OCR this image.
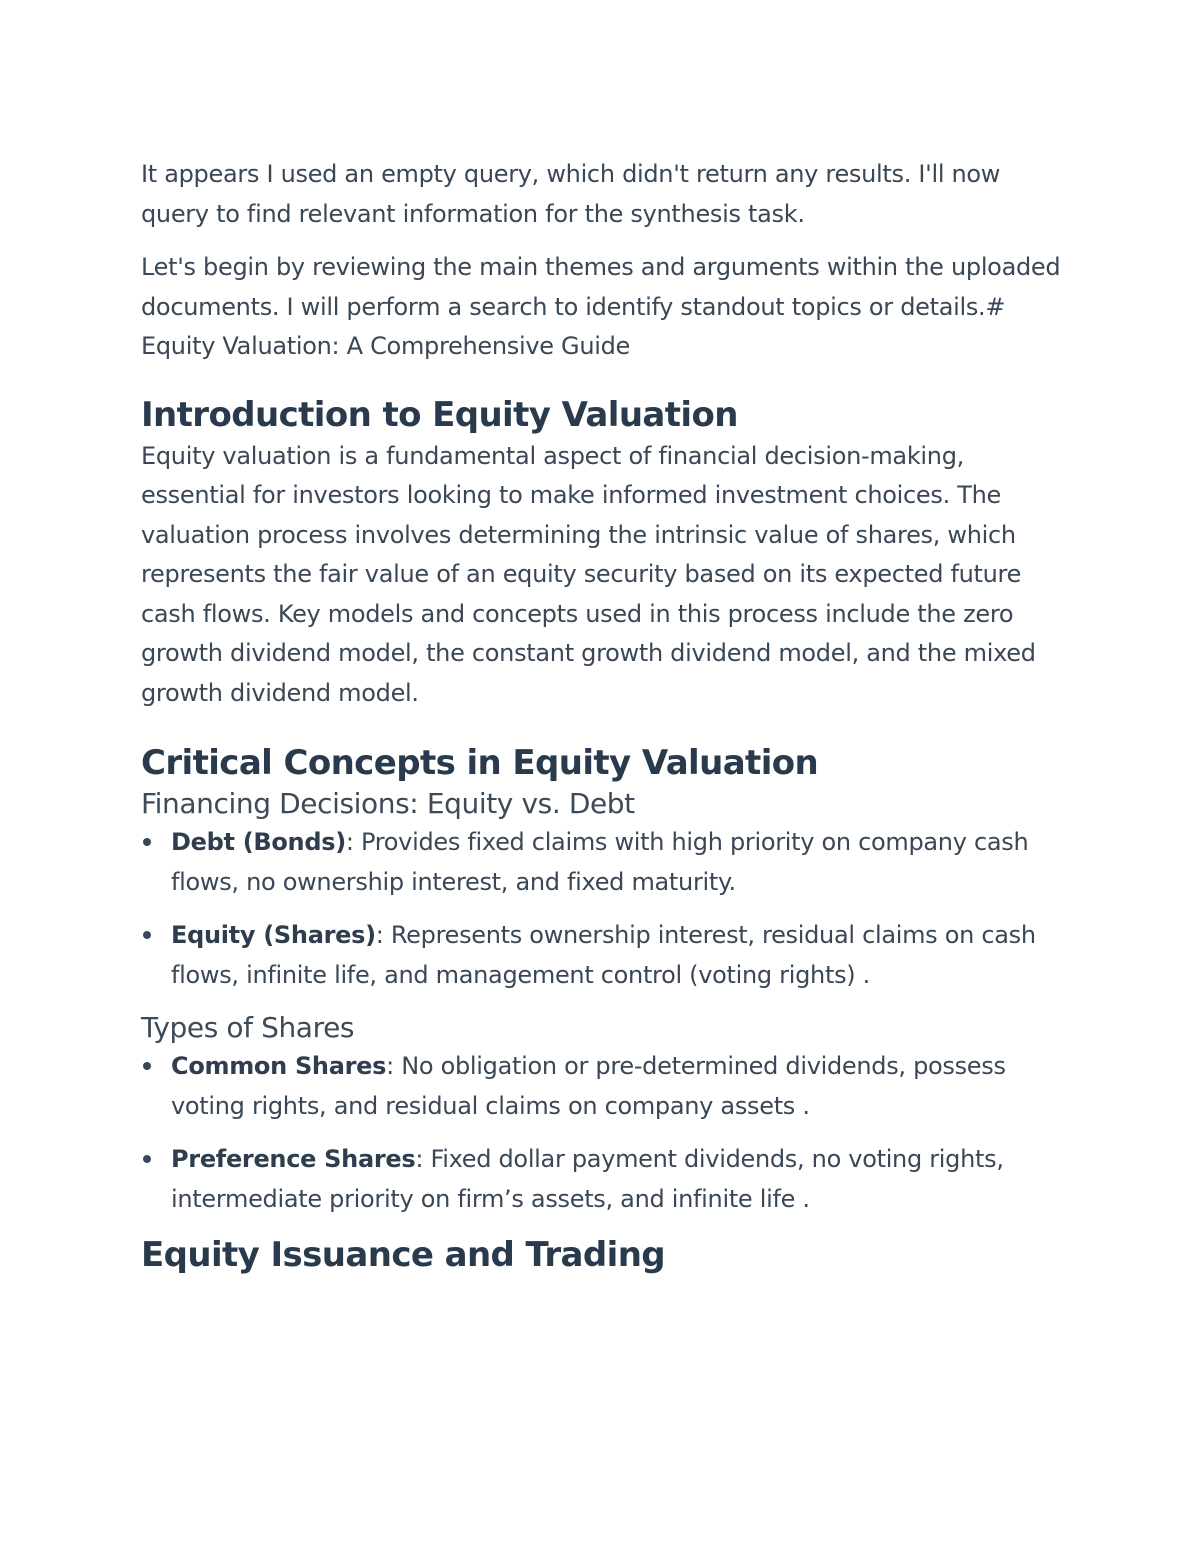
It appears I used an empty query, which didn't return any results. I'll now query to find relevant information for the synthesis task.

Let's begin by reviewing the main themes and arguments within the uploaded documents. I will perform a search to identify standout topics or details.# Equity Valuation: A Comprehensive Guide

Introduction to Equity Valuation

Equity valuation is a fundamental aspect of financial decision-making, essential for investors looking to make informed investment choices. The valuation process involves determining the intrinsic value of shares, which represents the fair value of an equity security based on its expected future cash flows. Key models and concepts used in this process include the zero growth dividend model, the constant growth dividend model, and the mixed growth dividend model.

Critical Concepts in Equity Valuation
Financing Decisions: Equity vs. Debt
Debt (Bonds): Provides fixed claims with high priority on company cash flows, no ownership interest, and fixed maturity.
Equity (Shares): Represents ownership interest, residual claims on cash flows, infinite life, and management control (voting rights) .
Types of Shares
Common Shares: No obligation or pre-determined dividends, possess voting rights, and residual claims on company assets .
Preference Shares: Fixed dollar payment dividends, no voting rights, intermediate priority on firm’s assets, and infinite life .
Equity Issuance and Trading
